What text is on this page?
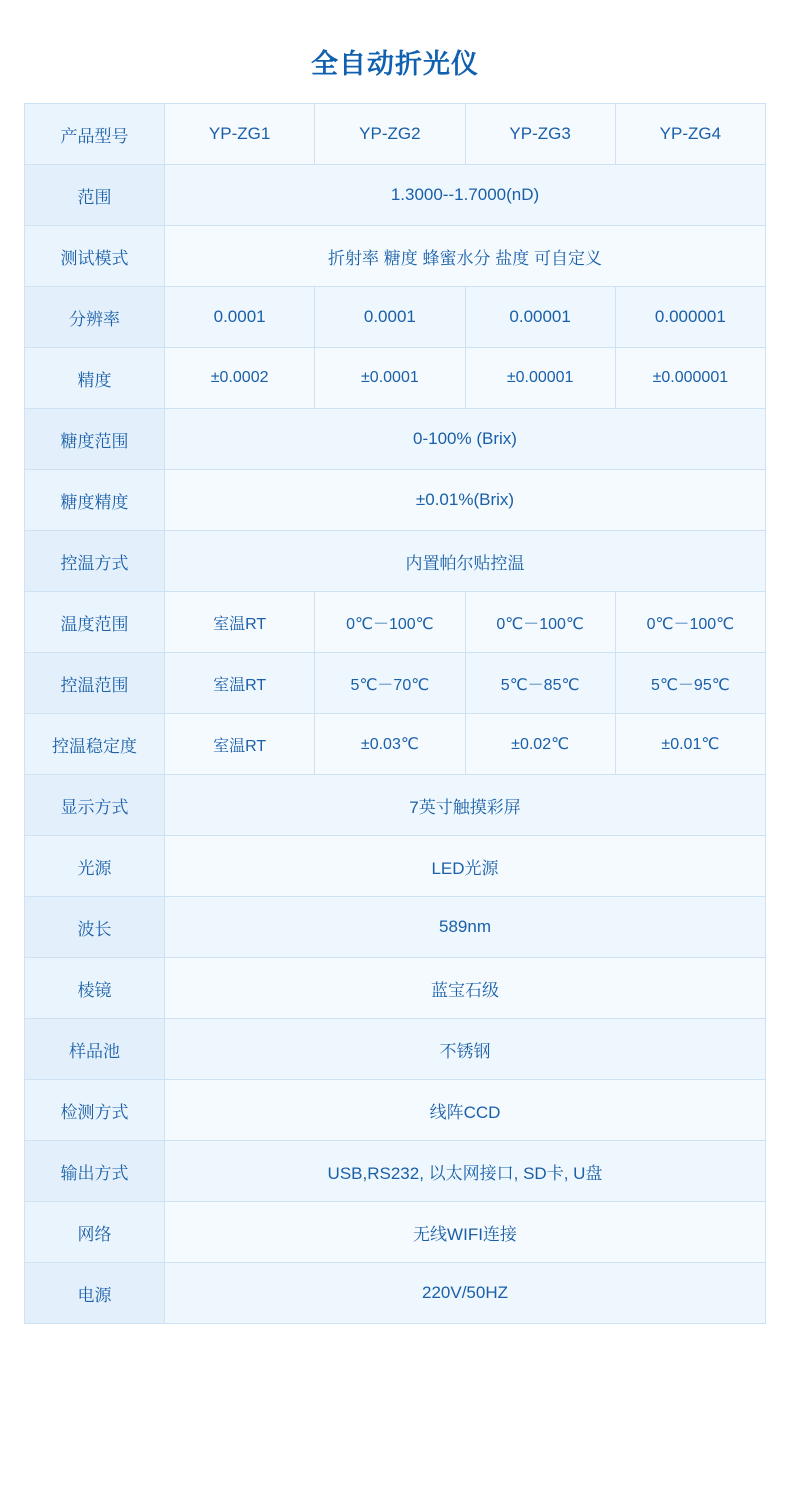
全自动折光仪
产品型号	YP-ZG1	YP-ZG2	YP-ZG3	YP-ZG4
范围	1.3000--1.7000(nD)			
测试模式	折射率 糖度 蜂蜜水分 盐度 可自定义			
分辨率	0.0001	0.0001	0.00001	0.000001
精度	±0.0002	±0.0001	±0.00001	±0.000001
糖度范围	0-100% (Brix)			
糖度精度	±0.01%(Brix)			
控温方式	内置帕尔贴控温			
温度范围	室温RT	0℃－100℃	0℃－100℃	0℃－100℃
控温范围	室温RT	5℃－70℃	5℃－85℃	5℃－95℃
控温稳定度	室温RT	±0.03℃	±0.02℃	±0.01℃
显示方式	7英寸触摸彩屏			
光源	LED光源			
波长	589nm			
棱镜	蓝宝石级			
样品池	不锈钢			
检测方式	线阵CCD			
输出方式	USB,RS232, 以太网接口, SD卡, U盘			
网络	无线WIFI连接			
电源	220V/50HZ			
